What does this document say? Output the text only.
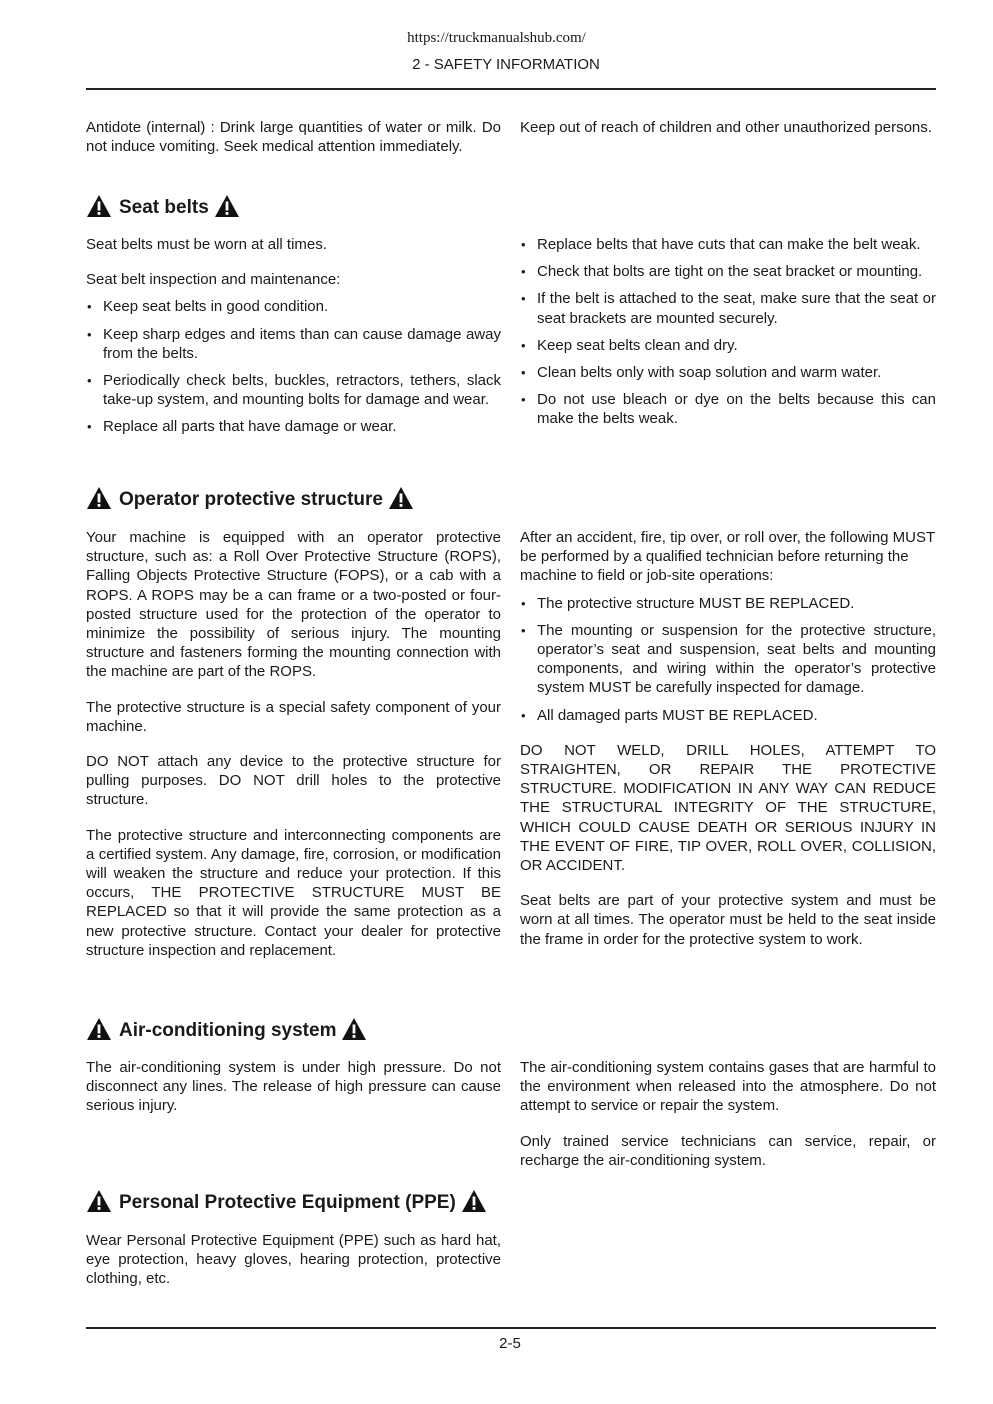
https://truckmanualshub.com/
2 - SAFETY INFORMATION

Antidote (internal) : Drink large quantities of water or milk. Do not induce vomiting. Seek medical attention immediately.

Keep out of reach of children and other unauthorized persons.

Seat belts

Seat belts must be worn at all times.

Seat belt inspection and maintenance:

• Keep seat belts in good condition.
• Keep sharp edges and items than can cause damage away from the belts.
• Periodically check belts, buckles, retractors, tethers, slack take-up system, and mounting bolts for damage and wear.
• Replace all parts that have damage or wear.
• Replace belts that have cuts that can make the belt weak.
• Check that bolts are tight on the seat bracket or mounting.
• If the belt is attached to the seat, make sure that the seat or seat brackets are mounted securely.
• Keep seat belts clean and dry.
• Clean belts only with soap solution and warm water.
• Do not use bleach or dye on the belts because this can make the belts weak.
Operator protective structure

Your machine is equipped with an operator protective structure, such as: a Roll Over Protective Structure (ROPS), Falling Objects Protective Structure (FOPS), or a cab with a ROPS. A ROPS may be a can frame or a two-posted or four-posted structure used for the protection of the operator to minimize the possibility of serious injury. The mounting structure and fasteners forming the mounting connection with the machine are part of the ROPS.

The protective structure is a special safety component of your machine.

DO NOT attach any device to the protective structure for pulling purposes. DO NOT drill holes to the protective structure.

The protective structure and interconnecting components are a certified system. Any damage, fire, corrosion, or modification will weaken the structure and reduce your protection. If this occurs, THE PROTECTIVE STRUCTURE MUST BE REPLACED so that it will provide the same protection as a new protective structure. Contact your dealer for protective structure inspection and replacement.

After an accident, fire, tip over, or roll over, the following MUST be performed by a qualified technician before returning the machine to field or job-site operations:

• The protective structure MUST BE REPLACED.
• The mounting or suspension for the protective structure, operator’s seat and suspension, seat belts and mounting components, and wiring within the operator’s protective system MUST be carefully inspected for damage.
• All damaged parts MUST BE REPLACED.

DO NOT WELD, DRILL HOLES, ATTEMPT TO STRAIGHTEN, OR REPAIR THE PROTECTIVE STRUCTURE. MODIFICATION IN ANY WAY CAN REDUCE THE STRUCTURAL INTEGRITY OF THE STRUCTURE, WHICH COULD CAUSE DEATH OR SERIOUS INJURY IN THE EVENT OF FIRE, TIP OVER, ROLL OVER, COLLISION, OR ACCIDENT.

Seat belts are part of your protective system and must be worn at all times. The operator must be held to the seat inside the frame in order for the protective system to work.

Air-conditioning system

The air-conditioning system is under high pressure. Do not disconnect any lines. The release of high pressure can cause serious injury.

The air-conditioning system contains gases that are harmful to the environment when released into the atmosphere. Do not attempt to service or repair the system.

Only trained service technicians can service, repair, or recharge the air-conditioning system.

Personal Protective Equipment (PPE)

Wear Personal Protective Equipment (PPE) such as hard hat, eye protection, heavy gloves, hearing protection, protective clothing, etc.

2-5
